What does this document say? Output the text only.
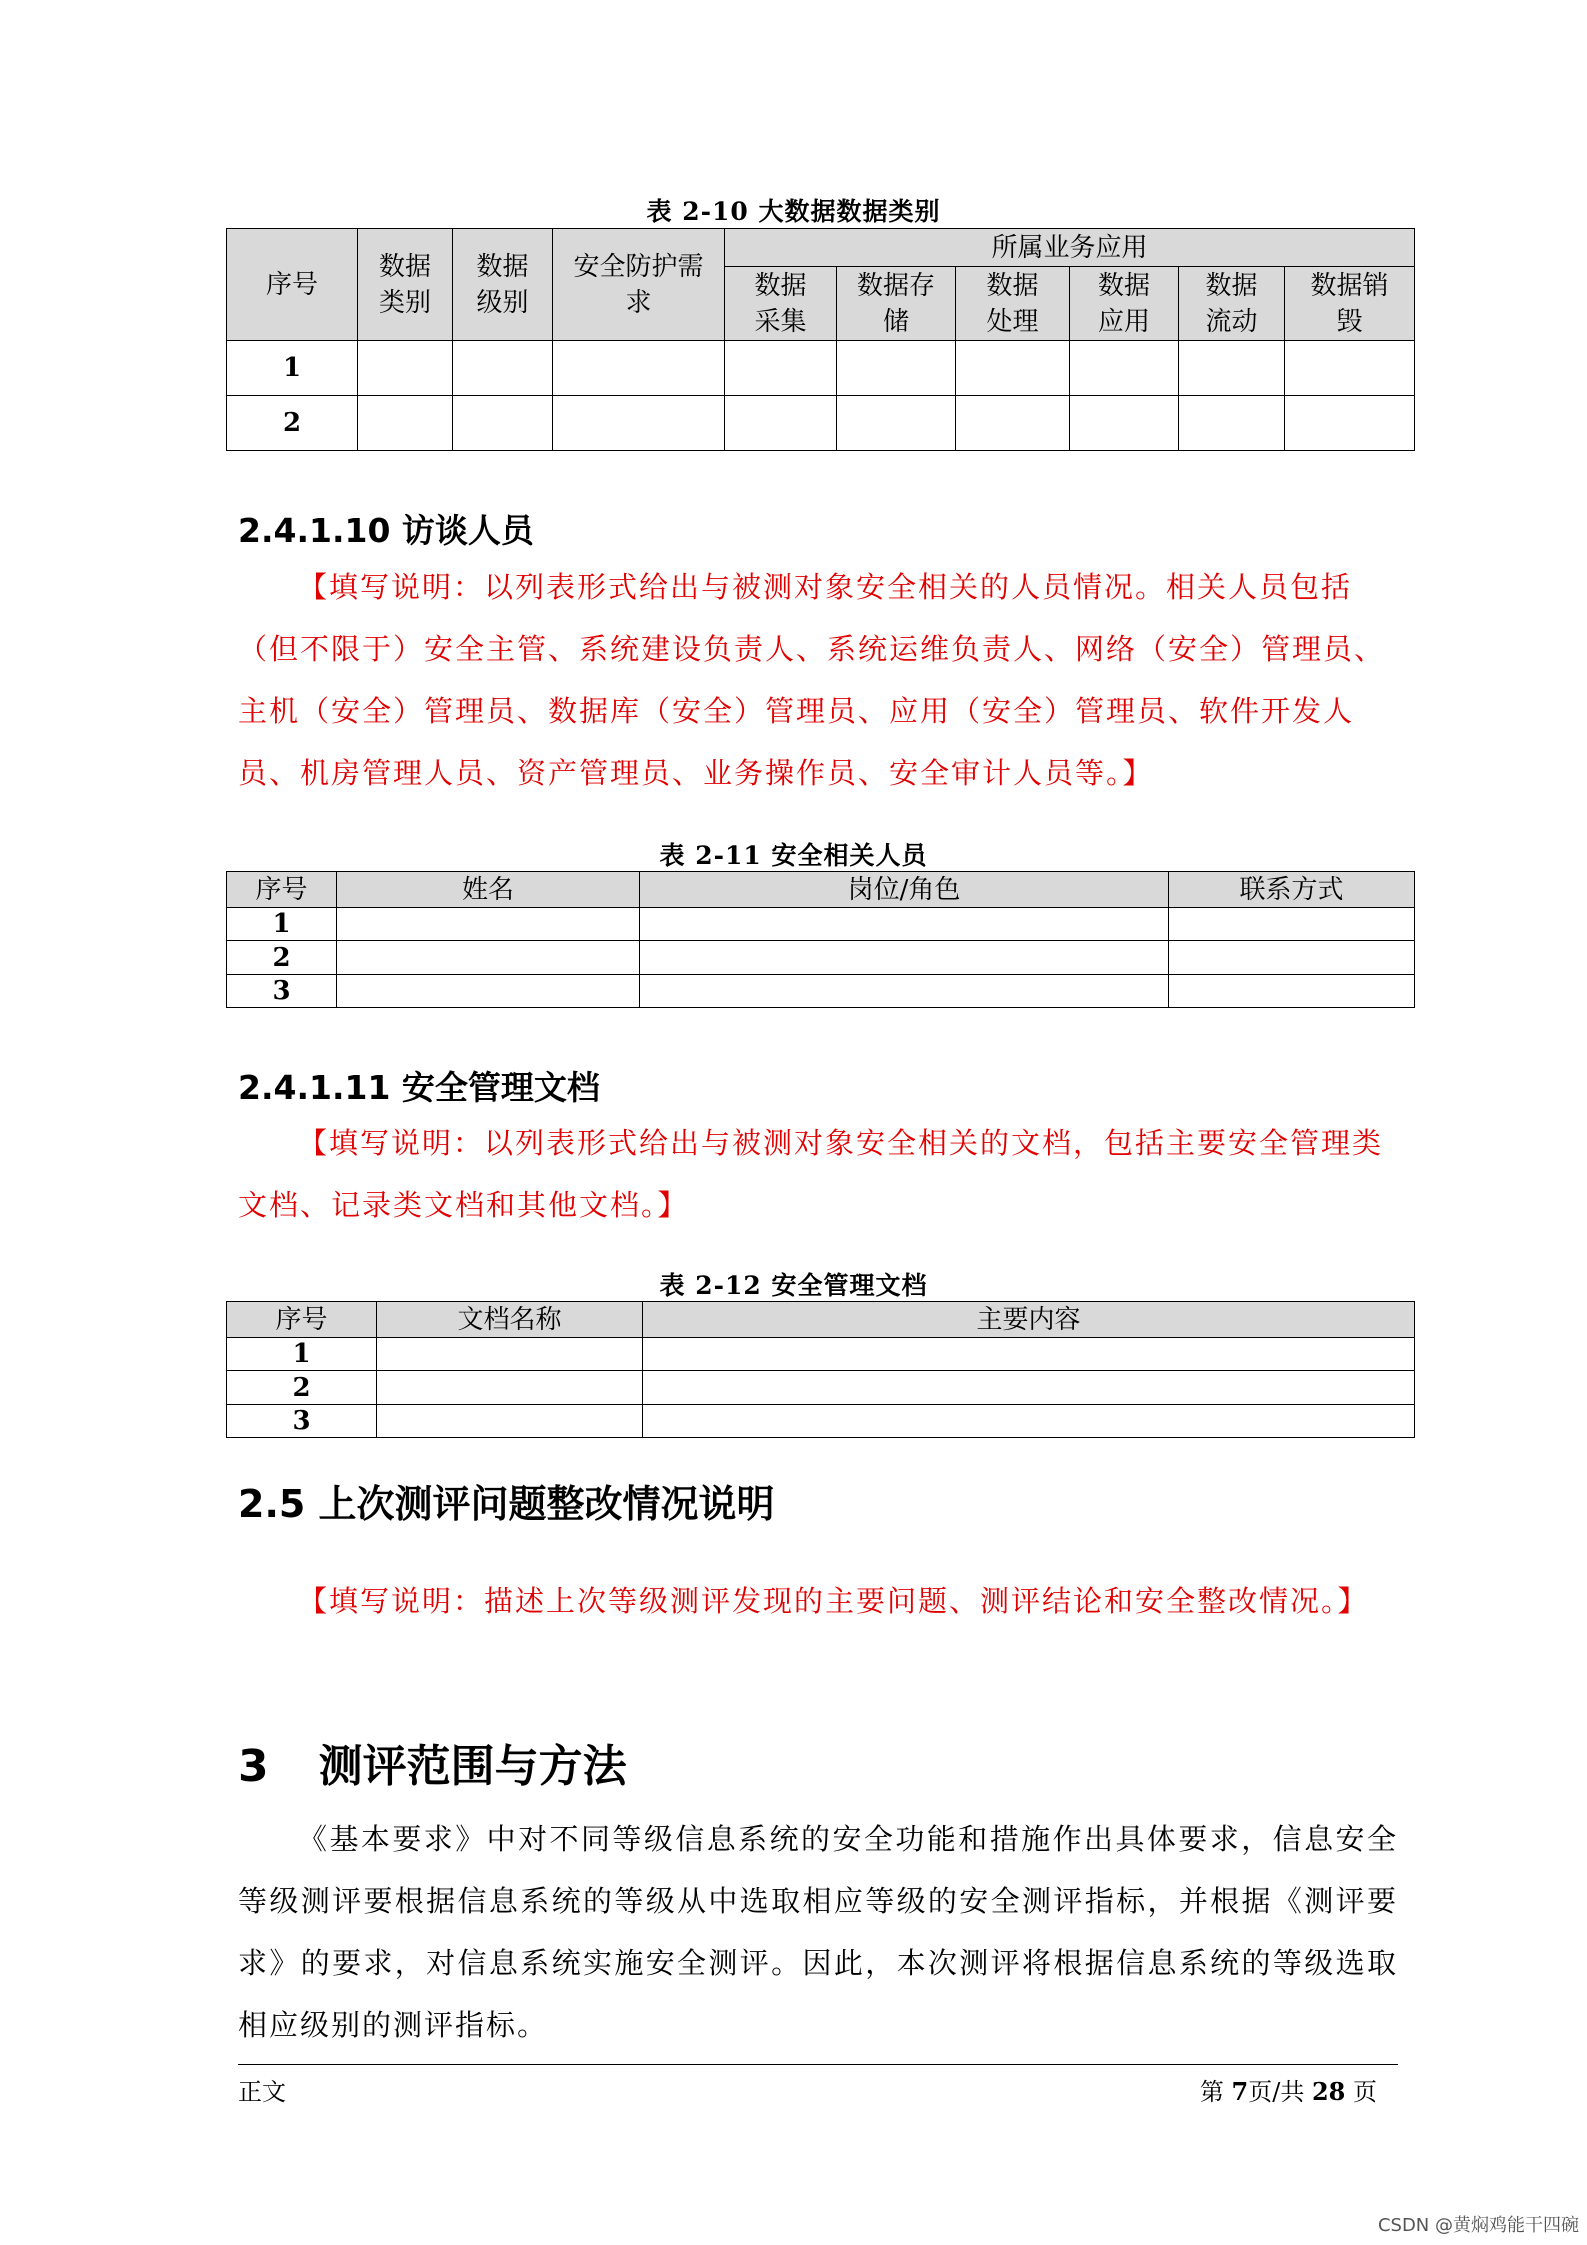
表 2-10 大数据数据类别
序号	数据类别	数据级别	安全防护需求	所属业务应用					
				数据采集	数据存储	数据处理	数据应用	数据流动	数据销毁
1									
2									
2.4.1.10 访谈人员
【填写说明：以列表形式给出与被测对象安全相关的人员情况。相关人员包括（但不限于）安全主管、系统建设负责人、系统运维负责人、网络（安全）管理员、主机（安全）管理员、数据库（安全）管理员、应用（安全）管理员、软件开发人员、机房管理人员、资产管理员、业务操作员、安全审计人员等。】
表 2-11 安全相关人员
序号	姓名	岗位/角色	联系方式
1			
2			
3			
2.4.1.11 安全管理文档
【填写说明：以列表形式给出与被测对象安全相关的文档，包括主要安全管理类文档、记录类文档和其他文档。】
表 2-12 安全管理文档
序号	文档名称	主要内容
1		
2		
3		
2.5 上次测评问题整改情况说明
【填写说明：描述上次等级测评发现的主要问题、测评结论和安全整改情况。】
3 测评范围与方法
《基本要求》中对不同等级信息系统的安全功能和措施作出具体要求，信息安全等级测评要根据信息系统的等级从中选取相应等级的安全测评指标，并根据《测评要求》的要求，对信息系统实施安全测评。因此，本次测评将根据信息系统的等级选取相应级别的测评指标。
正文	第 7页/共 28 页
CSDN @黄焖鸡能干四碗
